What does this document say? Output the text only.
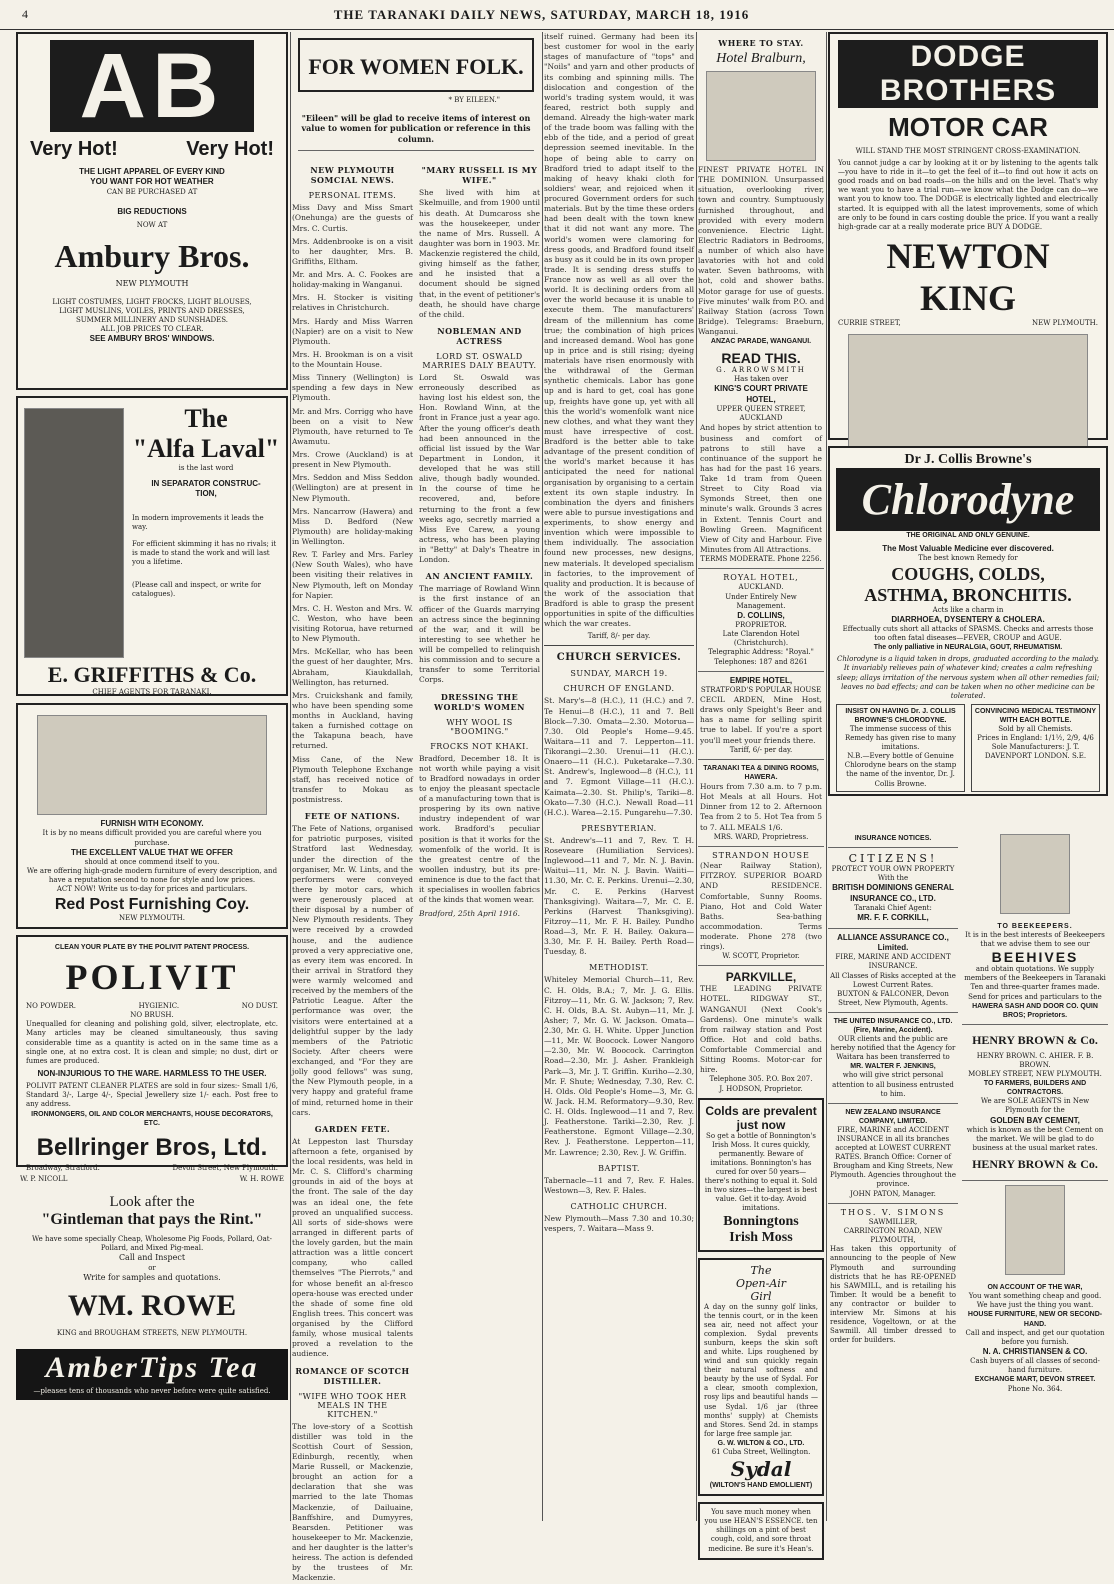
4	THE TARANAKI DAILY NEWS, SATURDAY, MARCH 18, 1916
AB
Very Hot!	Very Hot!
THE LIGHT APPAREL OF EVERY KIND
YOU WANT FOR HOT WEATHER
CAN BE PURCHASED AT
BIG REDUCTIONS
NOW AT
Ambury Bros.
NEW PLYMOUTH
LIGHT COSTUMES, LIGHT FROCKS, LIGHT BLOUSES,
LIGHT MUSLINS, VOILES, PRINTS AND DRESSES,
SUMMER MILLINERY AND SUNSHADES.
ALL JOB PRICES TO CLEAR.
SEE AMBURY BROS' WINDOWS.
The
"Alfa Laval"
is the last word
IN SEPARATOR CONSTRUC-
TION,
In modern improvements it leads the way.
For efficient skimming it has no rivals; it is made to stand the work and will last you a lifetime.
(Please call and inspect, or write for catalogues).
E. GRIFFITHS & Co.
CHIEF AGENTS FOR TARANAKI.
FURNISH WITH ECONOMY.
It is by no means difficult provided you are careful where you purchase.
THE EXCELLENT VALUE THAT WE OFFER
should at once commend itself to you.
We are offering high-grade modern furniture of every description, and have a reputation second to none for style and low prices.
ACT NOW! Write us to-day for prices and particulars.
Red Post Furnishing Coy.
NEW PLYMOUTH.
CLEAN YOUR PLATE BY THE POLIVIT PATENT PROCESS.
POLIVIT
NO POWDER.	HYGIENIC.	NO DUST.
NO BRUSH.
Unequalled for cleaning and polishing gold, silver, electroplate, etc. Many articles may be cleaned simultaneously, thus saving considerable time as a quantity is acted on in the same time as a single one, at no extra cost. It is clean and simple; no dust, dirt or fumes are produced.
NON-INJURIOUS TO THE WARE. HARMLESS TO THE USER.
POLIVIT PATENT CLEANER PLATES are sold in four sizes:- Small 1/6, Standard 3/-, Large 4/-, Special Jewellery size 1/- each. Post free to any address.
IRONMONGERS, OIL AND COLOR MERCHANTS, HOUSE DECORATORS, ETC.
Bellringer Bros, Ltd.
Broadway, Stratford.	Devon Street, New Plymouth.
W. P. NICOLL	W. H. ROWE
Look after the
"Gintleman that pays the Rint."
We have some specially Cheap, Wholesome Pig Foods, Pollard, Oat-Pollard, and Mixed Pig-meal.
Call and Inspect
or
Write for samples and quotations.
WM. ROWE
KING and BROUGHAM STREETS, NEW PLYMOUTH.
AmberTips Tea
—pleases tens of thousands who never before were quite satisfied.
FOR WOMEN FOLK.
* BY EILEEN."
"Eileen" will be glad to receive items of interest on value to women for publication or reference in this column.
NEW PLYMOUTH SOMCIAL NEWS.
PERSONAL ITEMS.
Miss Davy and Miss Smart (Onehunga) are the guests of Mrs. C. Curtis.
Mrs. Addenbrooke is on a visit to her daughter, Mrs. B. Griffiths, Eltham.
Mr. and Mrs. A. C. Fookes are holiday-making in Wanganui.
Mrs. H. Stocker is visiting relatives in Christchurch.
Mrs. Hardy and Miss Warren (Napier) are on a visit to New Plymouth.
Mrs. H. Brookman is on a visit to the Mountain House.
Miss Tinnery (Wellington) is spending a few days in New Plymouth.
Mr. and Mrs. Corrigg who have been on a visit to New Plymouth, have returned to Te Awamutu.
Mrs. Crowe (Auckland) is at present in New Plymouth.
Mrs. Seddon and Miss Seddon (Wellington) are at present in New Plymouth.
Mrs. Nancarrow (Hawera) and Miss D. Bedford (New Plymouth) are holiday-making in Wellington.
Rev. T. Farley and Mrs. Farley (New South Wales), who have been visiting their relatives in New Plymouth, left on Monday for Napier.
Mrs. C. H. Weston and Mrs. W. C. Weston, who have been visiting Rotorua, have returned to New Plymouth.
Mrs. McKellar, who has been the guest of her daughter, Mrs. Abraham, Kiaukdallah, Wellington, has returned.
Mrs. Cruickshank and family, who have been spending some months in Auckland, having taken a furnished cottage on the Takapuna beach, have returned.
Miss Cane, of the New Plymouth Telephone Exchange staff, has received notice of transfer to Mokau as postmistress.
FETE OF NATIONS.
The Fete of Nations, organised for patriotic purposes, visited Stratford last Wednesday, under the direction of the organiser, Mr. W. Lints, and the performers were conveyed there by motor cars, which were generously placed at their disposal by a number of New Plymouth residents. They were received by a crowded house, and the audience proved a very appreciative one, as every item was encored. In their arrival in Stratford they were warmly welcomed and received by the members of the Patriotic League. After the performance was over, the visitors were entertained at a delightful supper by the lady members of the Patriotic Society. After cheers were exchanged, and "For they are jolly good fellows" was sung, the New Plymouth people, in a very happy and grateful frame of mind, returned home in their cars.
GARDEN FETE.
At Leppeston last Thursday afternoon a fete, organised by the local residents, was held in Mr. C. S. Clifford's charming grounds in aid of the boys at the front. The sale of the day was an ideal one, the fete proved an unqualified success. All sorts of side-shows were arranged in different parts of the lovely garden, but the main attraction was a little concert company, who called themselves "The Pierrots," and for whose benefit an al-fresco opera-house was erected under the shade of some fine old English trees. This concert was organised by the Clifford family, whose musical talents proved a revelation to the audience.
ROMANCE OF SCOTCH DISTILLER.
"WIFE WHO TOOK HER MEALS IN THE KITCHEN."
The love-story of a Scottish distiller was told in the Scottish Court of Session, Edinburgh, recently, when Marie Russell, or Mackenzie, brought an action for a declaration that she was married to the late Thomas Mackenzie, of Dailuaine, Banffshire, and Dumyyres, Bearsden. Petitioner was housekeeper to Mr. Mackenzie, and her daughter is the latter's heiress. The action is defended by the trustees of Mr. Mackenzie.
"MARY RUSSELL IS MY WIFE."
She lived with him at Skelmuille, and from 1900 until his death. At Dumcaross she was the housekeeper, under the name of Mrs. Russell. A daughter was born in 1903. Mr. Mackenzie registered the child, giving himself as the father, and he insisted that a document should be signed that, in the event of petitioner's death, he should have charge of the child.
NOBLEMAN AND ACTRESS
LORD ST. OSWALD MARRIES DALY BEAUTY.
Lord St. Oswald was erroneously described as having lost his eldest son, the Hon. Rowland Winn, at the front in France just a year ago. After the young officer's death had been announced in the official list issued by the War Department in London, it developed that he was still alive, though badly wounded. In the course of time he recovered, and, before returning to the front a few weeks ago, secretly married a Miss Eve Carew, a young actress, who has been playing in "Betty" at Daly's Theatre in London.
AN ANCIENT FAMILY.
The marriage of Rowland Winn is the first instance of an officer of the Guards marrying an actress since the beginning of the war, and it will be interesting to see whether he will be compelled to relinquish his commission and to secure a transfer to some Territorial Corps.
DRESSING THE WORLD'S WOMEN
WHY WOOL IS "BOOMING."
FROCKS NOT KHAKI.
Bradford, December 18. It is not worth while paying a visit to Bradford nowadays in order to enjoy the pleasant spectacle of a manufacturing town that is prospering by its own native industry independent of war work. Bradford's peculiar position is that it works for the womenfolk of the world. It is the greatest centre of the woollen industry, but its pre-eminence is due to the fact that it specialises in woollen fabrics of the kinds that women wear.
Bradford, 25th April 1916.
itself ruined. Germany had been its best customer for wool in the early stages of manufacture of "tops" and "Noils" and yarn and other products of its combing and spinning mills. The dislocation and congestion of the world's trading system would, it was feared, restrict both supply and demand. Already the high-water mark of the trade boom was falling with the ebb of the tide, and a period of great depression seemed inevitable. In the hope of being able to carry on Bradford tried to adapt itself to the making of heavy khaki cloth for soldiers' wear, and rejoiced when it procured Government orders for such materials. But by the time these orders had been dealt with the town knew that it did not want any more. The world's women were clamoring for dress goods, and Bradford found itself as busy as it could be in its own proper trade. It is sending dress stuffs to France now as well as all over the world. It is declining orders from all over the world because it is unable to execute them. The manufacturers' dream of the millennium has come true; the combination of high prices and increased demand. Wool has gone up in price and is still rising; dyeing materials have risen enormously with the withdrawal of the German synthetic chemicals. Labor has gone up and is hard to get, coal has gone up, freights have gone up, yet with all this the world's womenfolk want nice new clothes, and what they want they must have irrespective of cost. Bradford is the better able to take advantage of the present condition of the world's market because it has anticipated the need for national organisation by organising to a certain extent its own staple industry. In combination the dyers and finishers were able to pursue investigations and experiments, to show energy and invention which were impossible to them individually. The association found new processes, new designs, new materials. It developed specialism in factories, to the improvement of quality and production. It is because of the work of the association that Bradford is able to grasp the present opportunities in spite of the difficulties which the war creates.
Tariff, 8/- per day.
CHURCH SERVICES.
SUNDAY, MARCH 19.
CHURCH OF ENGLAND.
St. Mary's—8 (H.C.), 11 (H.C.) and 7. Te Henui—8 (H.C.), 11 and 7. Bell Block—7.30. Omata—2.30. Motorua—7.30. Old People's Home—9.45. Waitara—11 and 7. Lepperton—11. Tikorangi—2.30. Urenui—11 (H.C.). Onaero—11 (H.C.). Puketarake—7.30. St. Andrew's, Inglewood—8 (H.C.), 11 and 7. Egmont Village—11 (H.C.). Kaimata—2.30. St. Philip's, Tariki—8. Okato—7.30 (H.C.). Newall Road—11 (H.C.). Warea—2.15. Pungarehu—7.30.
PRESBYTERIAN.
St. Andrew's—11 and 7, Rev. T. H. Roseveare (Humiliation Services). Inglewood—11 and 7, Mr. N. J. Bavin. Waitui—11, Mr. N. J. Bavin. Waiiti—11.30, Mr. C. E. Perkins. Urenui—2.30, Mr. C. E. Perkins (Harvest Thanksgiving). Waitara—7, Mr. C. E. Perkins (Harvest Thanksgiving). Fitzroy—11, Mr. F. H. Bailey. Pundho Road—3, Mr. F. H. Bailey. Oakura—3.30, Mr. F. H. Bailey. Perth Road—Tuesday, 8.
METHODIST.
Whiteley Memorial Church—11, Rev. C. H. Olds, B.A.; 7, Mr. J. G. Ellis. Fitzroy—11, Mr. G. W. Jackson; 7, Rev. C. H. Olds, B.A. St. Aubyn—11, Mr. J. Asher; 7, Mr. G. W. Jackson. Omata—2.30, Mr. G. H. White. Upper Junction—11, Mr. W. Boocock. Lower Nangoro—2.30, Mr. W. Boocock. Carrington Road—2.30, Mr. J. Asher. Frankleigh Park—3, Mr. J. T. Griffin. Kuriho—2.30, Mr. F. Shute; Wednesday, 7.30, Rev. C. H. Olds. Old People's Home—3, Mr. G. W. Jack. H.M. Reformatory—9.30, Rev. C. H. Olds. Inglewood—11 and 7, Rev. J. Featherstone. Tariki—2.30, Rev. J. Featherstone. Egmont Village—2.30, Rev. J. Featherstone. Lepperton—11, Mr. Lawrence; 2.30, Rev. J. W. Griffin.
BAPTIST.
Tabernacle—11 and 7, Rev. F. Hales. Westown—3, Rev. F. Hales.
CATHOLIC CHURCH.
New Plymouth—Mass 7.30 and 10.30; vespers, 7. Waitara—Mass 9.
WHERE TO STAY.
Hotel Bralburn,
FINEST PRIVATE HOTEL IN THE DOMINION. Unsurpassed situation, overlooking river, town and country. Sumptuously furnished throughout, and provided with every modern convenience. Electric Light. Electric Radiators in Bedrooms, a number of which also have lavatories with hot and cold water. Seven bathrooms, with hot, cold and shower baths. Motor garage for use of guests. Five minutes' walk from P.O. and Railway Station (across Town Bridge). Telegrams: Braeburn, Wanganui.
ANZAC PARADE, WANGANUI.
READ THIS.
G. ARROWSMITH
Has taken over
KING'S COURT PRIVATE HOTEL,
UPPER QUEEN STREET, AUCKLAND
And hopes by strict attention to business and comfort of patrons to still have a continuance of the support he has had for the past 16 years. Take 1d tram from Queen Street to City Road via Symonds Street, then one minute's walk. Grounds 3 acres in Extent. Tennis Court and Bowling Green. Magnificent View of City and Harbour. Five Minutes from All Attractions.
TERMS MODERATE. Phone 2256.
ROYAL HOTEL,
AUCKLAND.
Under Entirely New Management.
D. COLLINS,
PROPRIETOR.
Late Clarendon Hotel (Christchurch).
Telegraphic Address: "Royal." Telephones: 187 and 8261
EMPIRE HOTEL,
STRATFORD'S POPULAR HOUSE
CECIL ARDEN, Mine Host, draws only Speight's Beer and has a name for selling spirit true to label. If you're a sport you'll meet your friends there.
Tariff, 6/- per day.
TARANAKI TEA & DINING ROOMS, HAWERA.
Hours from 7.30 a.m. to 7 p.m. Hot Meals at all Hours. Hot Dinner from 12 to 2. Afternoon Tea from 2 to 5. Hot Tea from 5 to 7. ALL MEALS 1/6.
MRS. WARD, Proprietress.
STRANDON HOUSE
(Near Railway Station), FITZROY. SUPERIOR BOARD AND RESIDENCE. Comfortable, Sunny Rooms. Piano, Hot and Cold Water Baths. Sea-bathing accommodation. Terms moderate. Phone 278 (two rings).
W. SCOTT, Proprietor.
PARKVILLE,
THE LEADING PRIVATE HOTEL. RIDGWAY ST., WANGANUI (Next Cook's Gardens). One minute's walk from railway station and Post Office. Hot and cold baths. Comfortable Commercial and Sitting Rooms. Motor-car for hire.
Telephone 305. P.O. Box 207.
J. HODSON, Proprietor.
Colds are prevalent
just now
So get a bottle of Bonnington's Irish Moss. It cures quickly, permanently. Beware of imitations. Bonnington's has cured for over 50 years—there's nothing to equal it. Sold in two sizes—the largest is best value. Get it to-day. Avoid imitations.
Bonningtons
Irish Moss
The
Open-Air
Girl
A day on the sunny golf links, the tennis court, or in the keen sea air, need not affect your complexion. Sydal prevents sunburn, keeps the skin soft and white. Lips roughened by wind and sun quickly regain their natural softness and beauty by the use of Sydal. For a clear, smooth complexion, rosy lips and beautiful hands —use Sydal. 1/6 jar (three months' supply) at Chemists and Stores. Send 2d. in stamps for large free sample jar.
G. W. WILTON & CO., LTD.
61 Cuba Street, Wellington.
Sydal
(WILTON'S HAND EMOLLIENT)
You save much money when you use HEAN'S ESSENCE. ten shillings on a pint of best cough, cold, and sore throat medicine. Be sure it's Hean's.
DODGE BROTHERS
MOTOR CAR
WILL STAND THE MOST STRINGENT CROSS-EXAMINATION.
You cannot judge a car by looking at it or by listening to the agents talk—you have to ride in it—to get the feel of it—to find out how it acts on good roads and on bad roads—on the hills and on the level. That's why we want you to have a trial run—we know what the Dodge can do—we want you to know too. The DODGE is electrically lighted and electrically started. It is equipped with all the latest improvements, some of which are only to be found in cars costing double the price. If you want a really high-grade car at a really moderate price BUY A DODGE.
NEWTON KING
CURRIE STREET,	NEW PLYMOUTH.
Dr J. Collis Browne's
Chlorodyne
THE ORIGINAL AND ONLY GENUINE.
The Most Valuable Medicine ever discovered.
The best known Remedy for
COUGHS, COLDS,
ASTHMA, BRONCHITIS.
Acts like a charm in
DIARRHOEA, DYSENTERY & CHOLERA.
Effectually cuts short all attacks of SPASMS. Checks and arrests those too often fatal diseases—FEVER, CROUP and AGUE.
The only palliative in NEURALGIA, GOUT, RHEUMATISM.
Chlorodyne is a liquid taken in drops, graduated according to the malady. It invariably relieves pain of whatever kind; creates a calm refreshing sleep; allays irritation of the nervous system when all other remedies fail; leaves no bad effects; and can be taken when no other medicine can be tolerated.
INSIST ON HAVING Dr. J. COLLIS BROWNE'S CHLORODYNE.
The immense success of this Remedy has given rise to many imitations.
N.B.—Every bottle of Genuine Chlorodyne bears on the stamp the name of the inventor, Dr. J. Collis Browne.
CONVINCING MEDICAL TESTIMONY WITH EACH BOTTLE.
Sold by all Chemists.
Prices in England: 1/1½, 2/9, 4/6
Sole Manufacturers: J. T. DAVENPORT LONDON. S.E.
INSURANCE NOTICES.
CITIZENS!
PROTECT YOUR OWN PROPERTY With the
BRITISH DOMINIONS GENERAL INSURANCE CO., LTD.
Taranaki Chief Agent:
MR. F. F. CORKILL,
ALLIANCE ASSURANCE CO., Limited.
FIRE, MARINE AND ACCIDENT INSURANCE.
All Classes of Risks accepted at the Lowest Current Rates.
BUXTON & FALCONER, Devon Street, New Plymouth, Agents.
THE UNITED INSURANCE CO., LTD. (Fire, Marine, Accident).
OUR clients and the public are hereby notified that the Agency for Waitara has been transferred to
MR. WALTER F. JENKINS,
who will give strict personal attention to all business entrusted to him.
NEW ZEALAND INSURANCE COMPANY, LIMITED.
FIRE, MARINE and ACCIDENT INSURANCE in all its branches accepted at LOWEST CURRENT RATES. Branch Office: Corner of Brougham and King Streets, New Plymouth. Agencies throughout the province.
JOHN PATON, Manager.
THOS. V. SIMONS
SAWMILLER,
CARRINGTON ROAD, NEW PLYMOUTH,
Has taken this opportunity of announcing to the people of New Plymouth and surrounding districts that he has RE-OPENED his SAWMILL, and is retailing his Timber. It would be a benefit to any contractor or builder to interview Mr. Simons at his residence, Vogeltown, or at the Sawmill. All timber dressed to order for builders.
TO BEEKEEPERS.
It is in the best interests of Beekeepers that we advise them to see our
BEEHIVES
and obtain quotations. We supply members of the Beekeepers in Taranaki Ten and three-quarter frames made. Send for prices and particulars to the
HAWERA SASH AND DOOR CO. QUIN BROS; Proprietors.
HENRY BROWN & Co.
HENRY BROWN. C. AHIER. F. B. BROWN.
MOBLEY STREET, NEW PLYMOUTH.
TO FARMERS, BUILDERS AND CONTRACTORS.
We are SOLE AGENTS in New Plymouth for the
GOLDEN BAY CEMENT,
which is known as the best Cement on the market. We will be glad to do business at the usual market rates.
HENRY BROWN & Co.
ON ACCOUNT OF THE WAR,
You want something cheap and good. We have just the thing you want.
HOUSE FURNITURE, NEW OR SECOND-HAND.
Call and inspect, and get our quotation before you furnish.
N. A. CHRISTIANSEN & CO.
Cash buyers of all classes of second-hand furniture.
EXCHANGE MART, DEVON STREET.
Phone No. 364.
